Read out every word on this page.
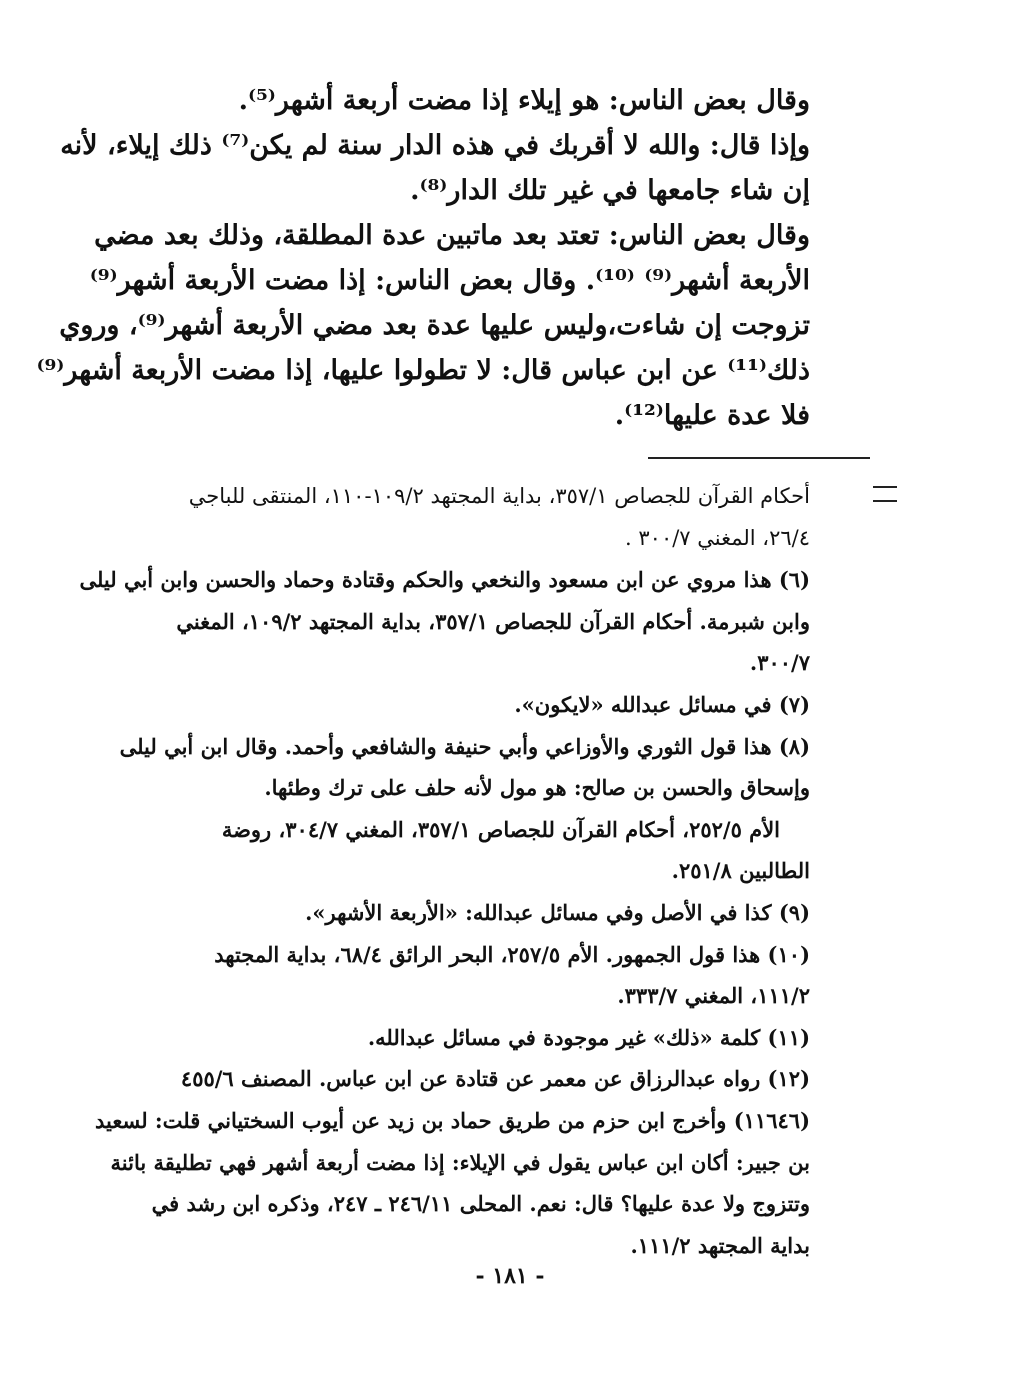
وقال بعض الناس: هو إيلاء إذا مضت أربعة أشهر⁽⁵⁾.
وإذا قال: والله لا أقربك في هذه الدار سنة لم يكن⁽⁷⁾ ذلك إيلاء، لأنه
إن شاء جامعها في غير تلك الدار⁽⁸⁾.
وقال بعض الناس: تعتد بعد ماتبين عدة المطلقة، وذلك بعد مضي
الأربعة أشهر⁽⁹⁾ ⁽¹⁰⁾. وقال بعض الناس: إذا مضت الأربعة أشهر⁽⁹⁾
تزوجت إن شاءت،وليس عليها عدة بعد مضي الأربعة أشهر⁽⁹⁾، وروي
ذلك⁽¹¹⁾ عن ابن عباس قال: لا تطولوا عليها، إذا مضت الأربعة أشهر⁽⁹⁾
فلا عدة عليها⁽¹²⁾.
أحكام القرآن للجصاص ٣٥٧/١، بداية المجتهد ١٠٩/٢-١١٠، المنتقى للباجي
٢٦/٤، المغني ٣٠٠/٧ .
(٦) هذا مروي عن ابن مسعود والنخعي والحكم وقتادة وحماد والحسن وابن أبي ليلى
وابن شبرمة. أحكام القرآن للجصاص ٣٥٧/١، بداية المجتهد ١٠٩/٢، المغني
٣٠٠/٧.
(٧) في مسائل عبدالله «لايكون».
(٨) هذا قول الثوري والأوزاعي وأبي حنيفة والشافعي وأحمد. وقال ابن أبي ليلى
وإسحاق والحسن بن صالح: هو مول لأنه حلف على ترك وطئها.
الأم ٢٥٢/٥، أحكام القرآن للجصاص ٣٥٧/١، المغني ٣٠٤/٧، روضة
الطالبين ٢٥١/٨.
(٩) كذا في الأصل وفي مسائل عبدالله: «الأربعة الأشهر».
(١٠) هذا قول الجمهور. الأم ٢٥٧/٥، البحر الرائق ٦٨/٤، بداية المجتهد
١١١/٢، المغني ٣٣٣/٧.
(١١) كلمة «ذلك» غير موجودة في مسائل عبدالله.
(١٢) رواه عبدالرزاق عن معمر عن قتادة عن ابن عباس. المصنف ٤٥٥/٦
(١١٦٤٦) وأخرج ابن حزم من طريق حماد بن زيد عن أيوب السختياني قلت: لسعيد
بن جبير: أكان ابن عباس يقول في الإيلاء: إذا مضت أربعة أشهر فهي تطليقة بائنة
وتتزوج ولا عدة عليها؟ قال: نعم. المحلى ٢٤٦/١١ ـ ٢٤٧، وذكره ابن رشد في
بداية المجتهد ١١١/٢.
- ١٨١ -
